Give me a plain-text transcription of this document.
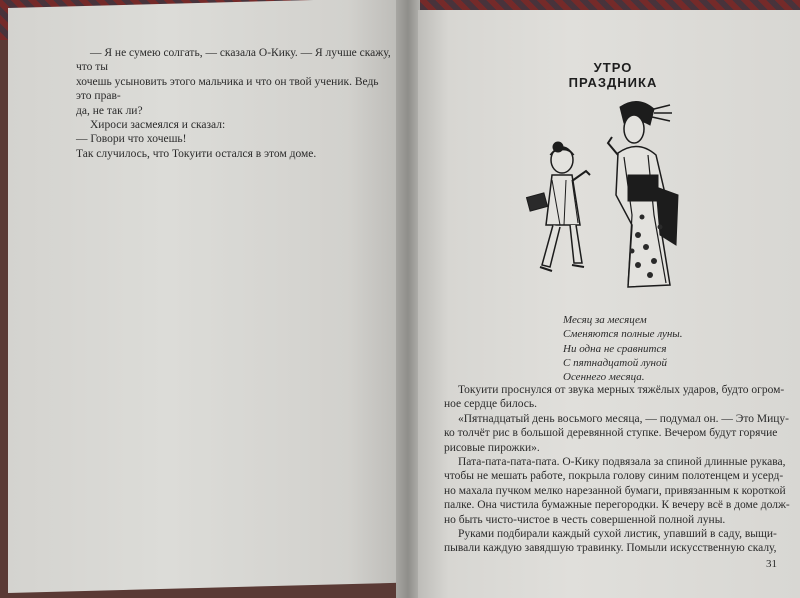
— Я не сумею солгать, — сказала О-Кику. — Я лучше скажу, что ты

хочешь усыновить этого мальчика и что он твой ученик. Ведь это прав-

да, не так ли?

Хироси засмеялся и сказал:

— Говори что хочешь!

Так случилось, что Токуити остался в этом доме.

УТРО ПРАЗДНИКА
Месяц за месяцем
Сменяются полные луны.
Ни одна не сравнится
С пятнадцатой луной
Осеннего месяца.
Токуити проснулся от звука мерных тяжёлых ударов, будто огром-
ное сердце билось.
«Пятнадцатый день восьмого месяца, — подумал он. — Это Мицу-
ко толчёт рис в большой деревянной ступке. Вечером будут горячие
рисовые пирожки».
Пата-пата-пата-пата. О-Кику подвязала за спиной длинные рукава,
чтобы не мешать работе, покрыла голову синим полотенцем и усерд-
но махала пучком мелко нарезанной бумаги, привязанным к короткой
палке. Она чистила бумажные перегородки. К вечеру всё в доме долж-
но быть чисто-чистое в честь совершенной полной луны.
Руками подбирали каждый сухой листик, упавший в саду, выщи-
пывали каждую завядшую травинку. Помыли искусственную скалу,
31
